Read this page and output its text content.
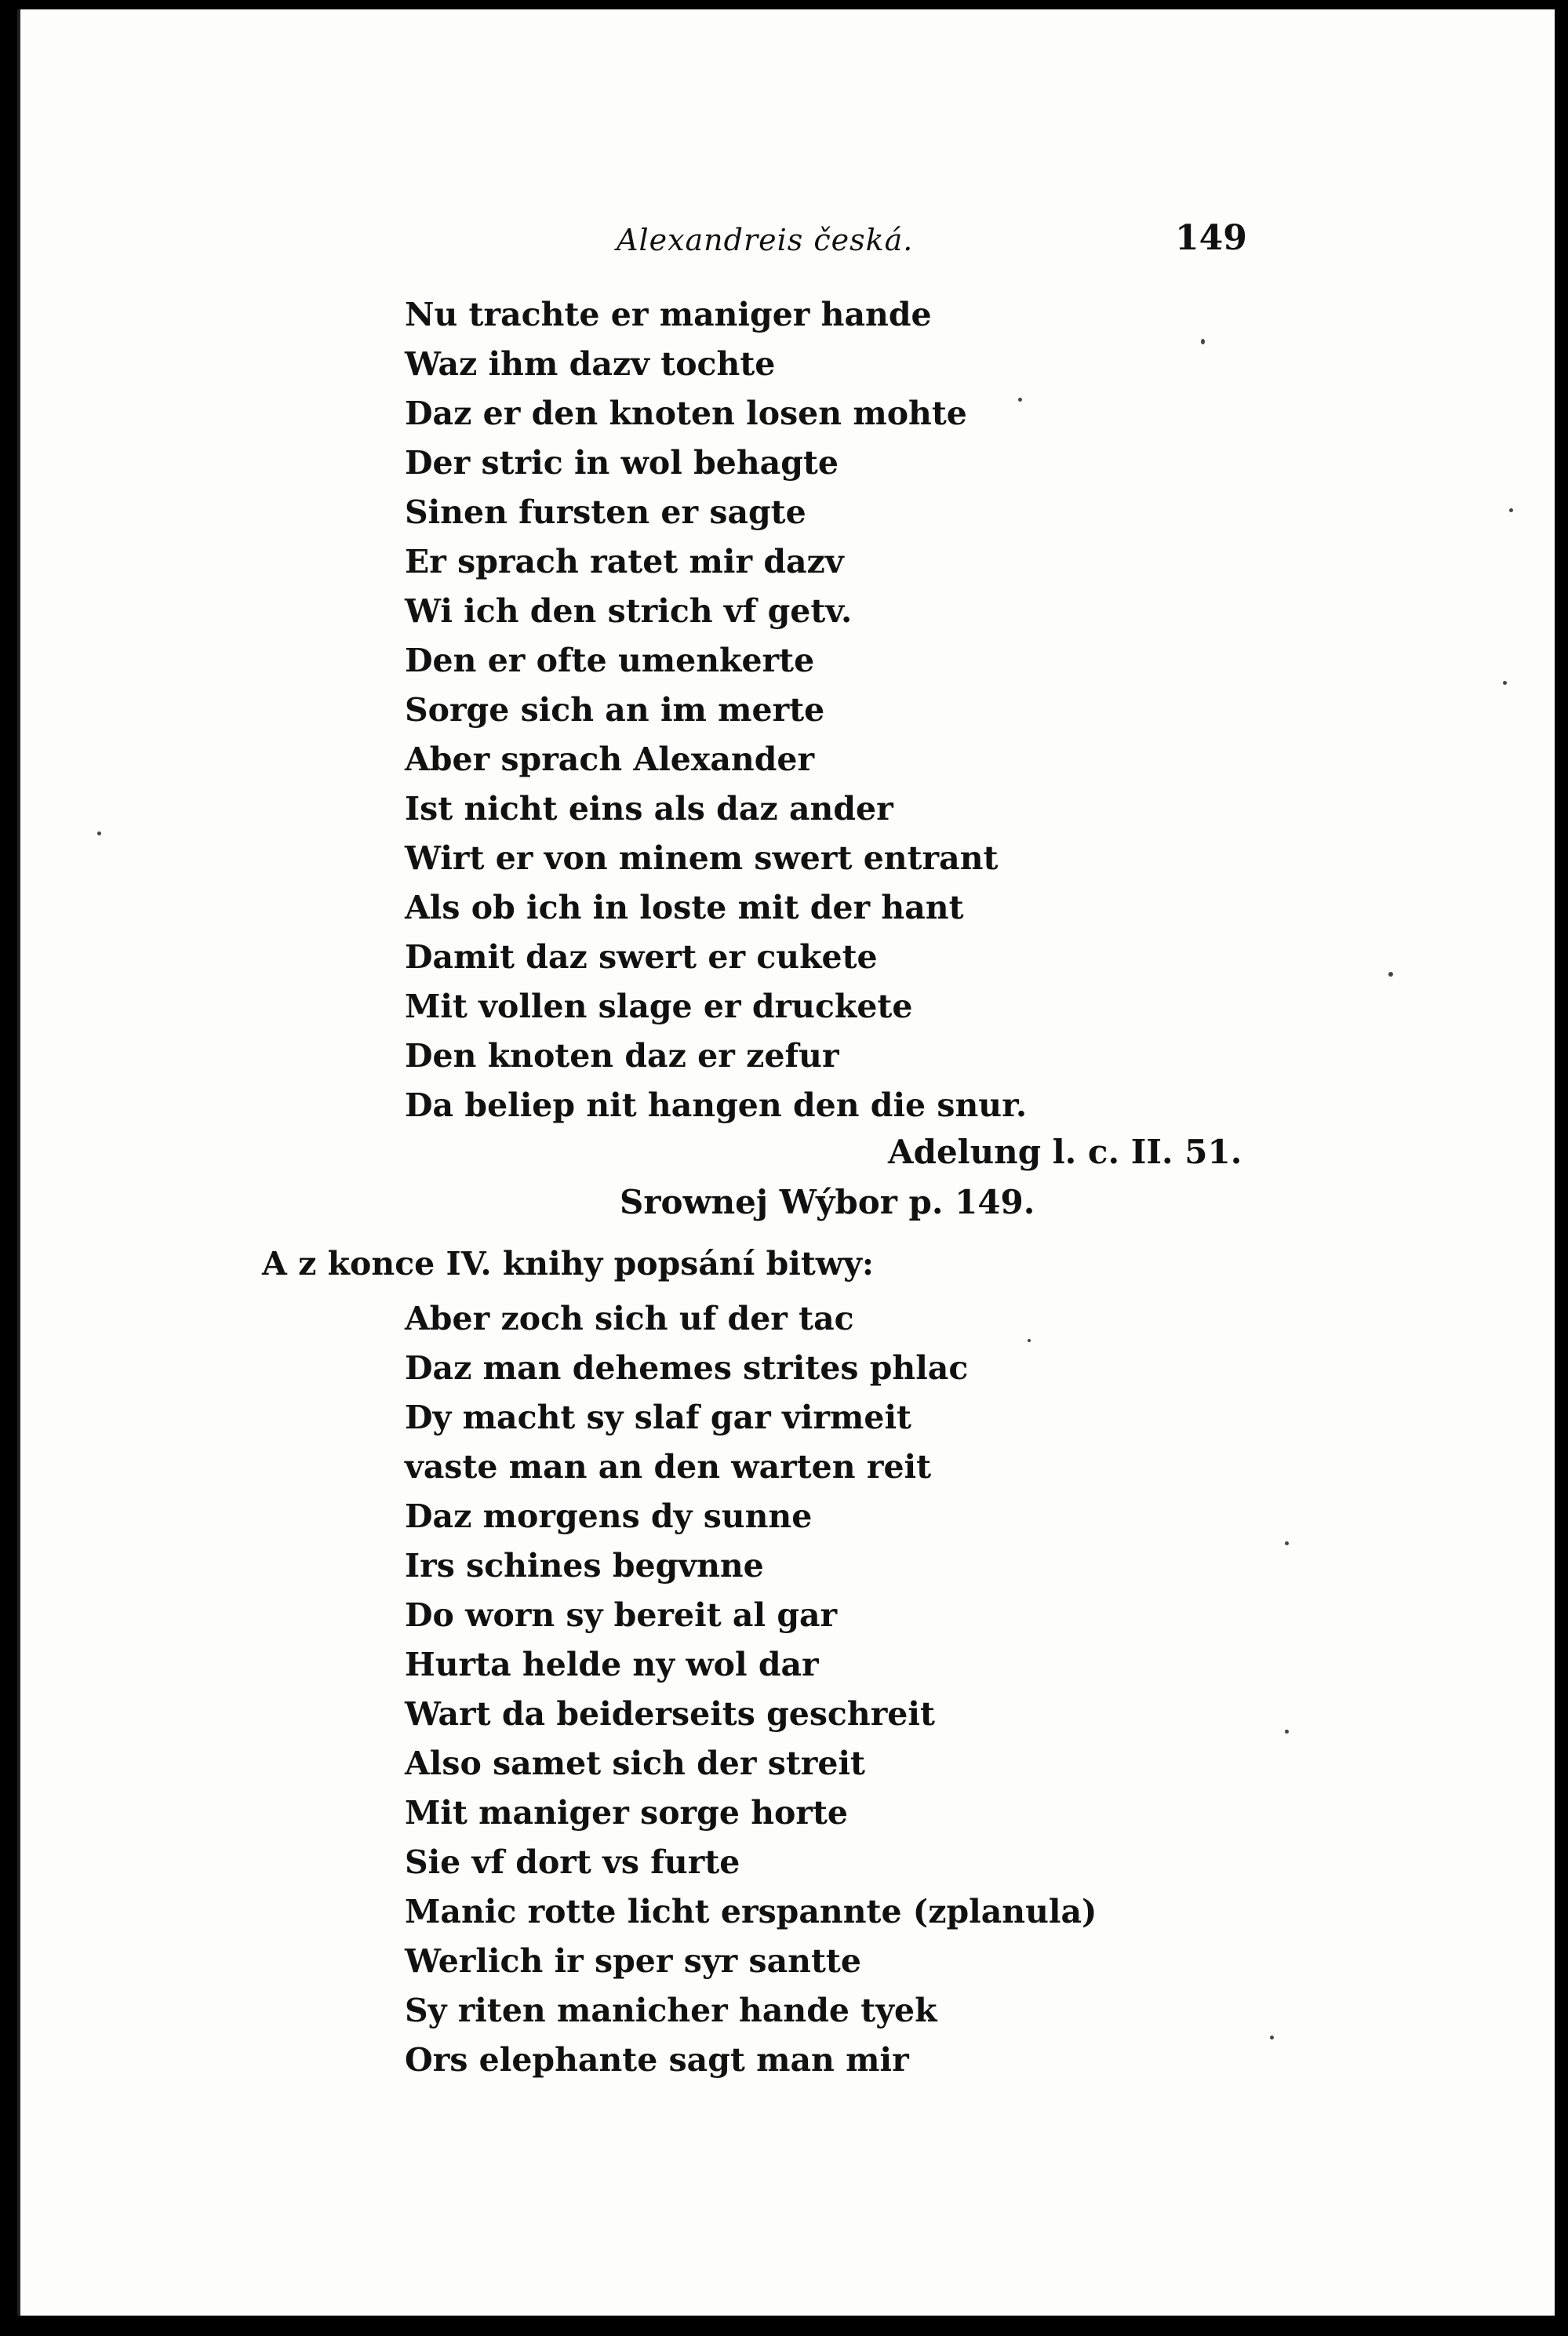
Alexandreis česká.	149
Nu trachte er maniger hande
Waz ihm dazv tochte
Daz er den knoten losen mohte
Der stric in wol behagte
Sinen fursten er sagte
Er sprach ratet mir dazv
Wi ich den strich vf getv.
Den er ofte umenkerte
Sorge sich an im merte
Aber sprach Alexander
Ist nicht eins als daz ander
Wirt er von minem swert entrant
Als ob ich in loste mit der hant
Damit daz swert er cukete
Mit vollen slage er druckete
Den knoten daz er zefur
Da beliep nit hangen den die snur.
Adelung l. c. II. 51.
Srownej Wýbor p. 149.
A z konce IV. knihy popsání bitwy:
Aber zoch sich uf der tac
Daz man dehemes strites phlac
Dy macht sy slaf gar virmeit
vaste man an den warten reit
Daz morgens dy sunne
Irs schines begvnne
Do worn sy bereit al gar
Hurta helde ny wol dar
Wart da beiderseits geschreit
Also samet sich der streit
Mit maniger sorge horte
Sie vf dort vs furte
Manic rotte licht erspannte (zplanula)
Werlich ir sper syr santte
Sy riten manicher hande tyek
Ors elephante sagt man mir
